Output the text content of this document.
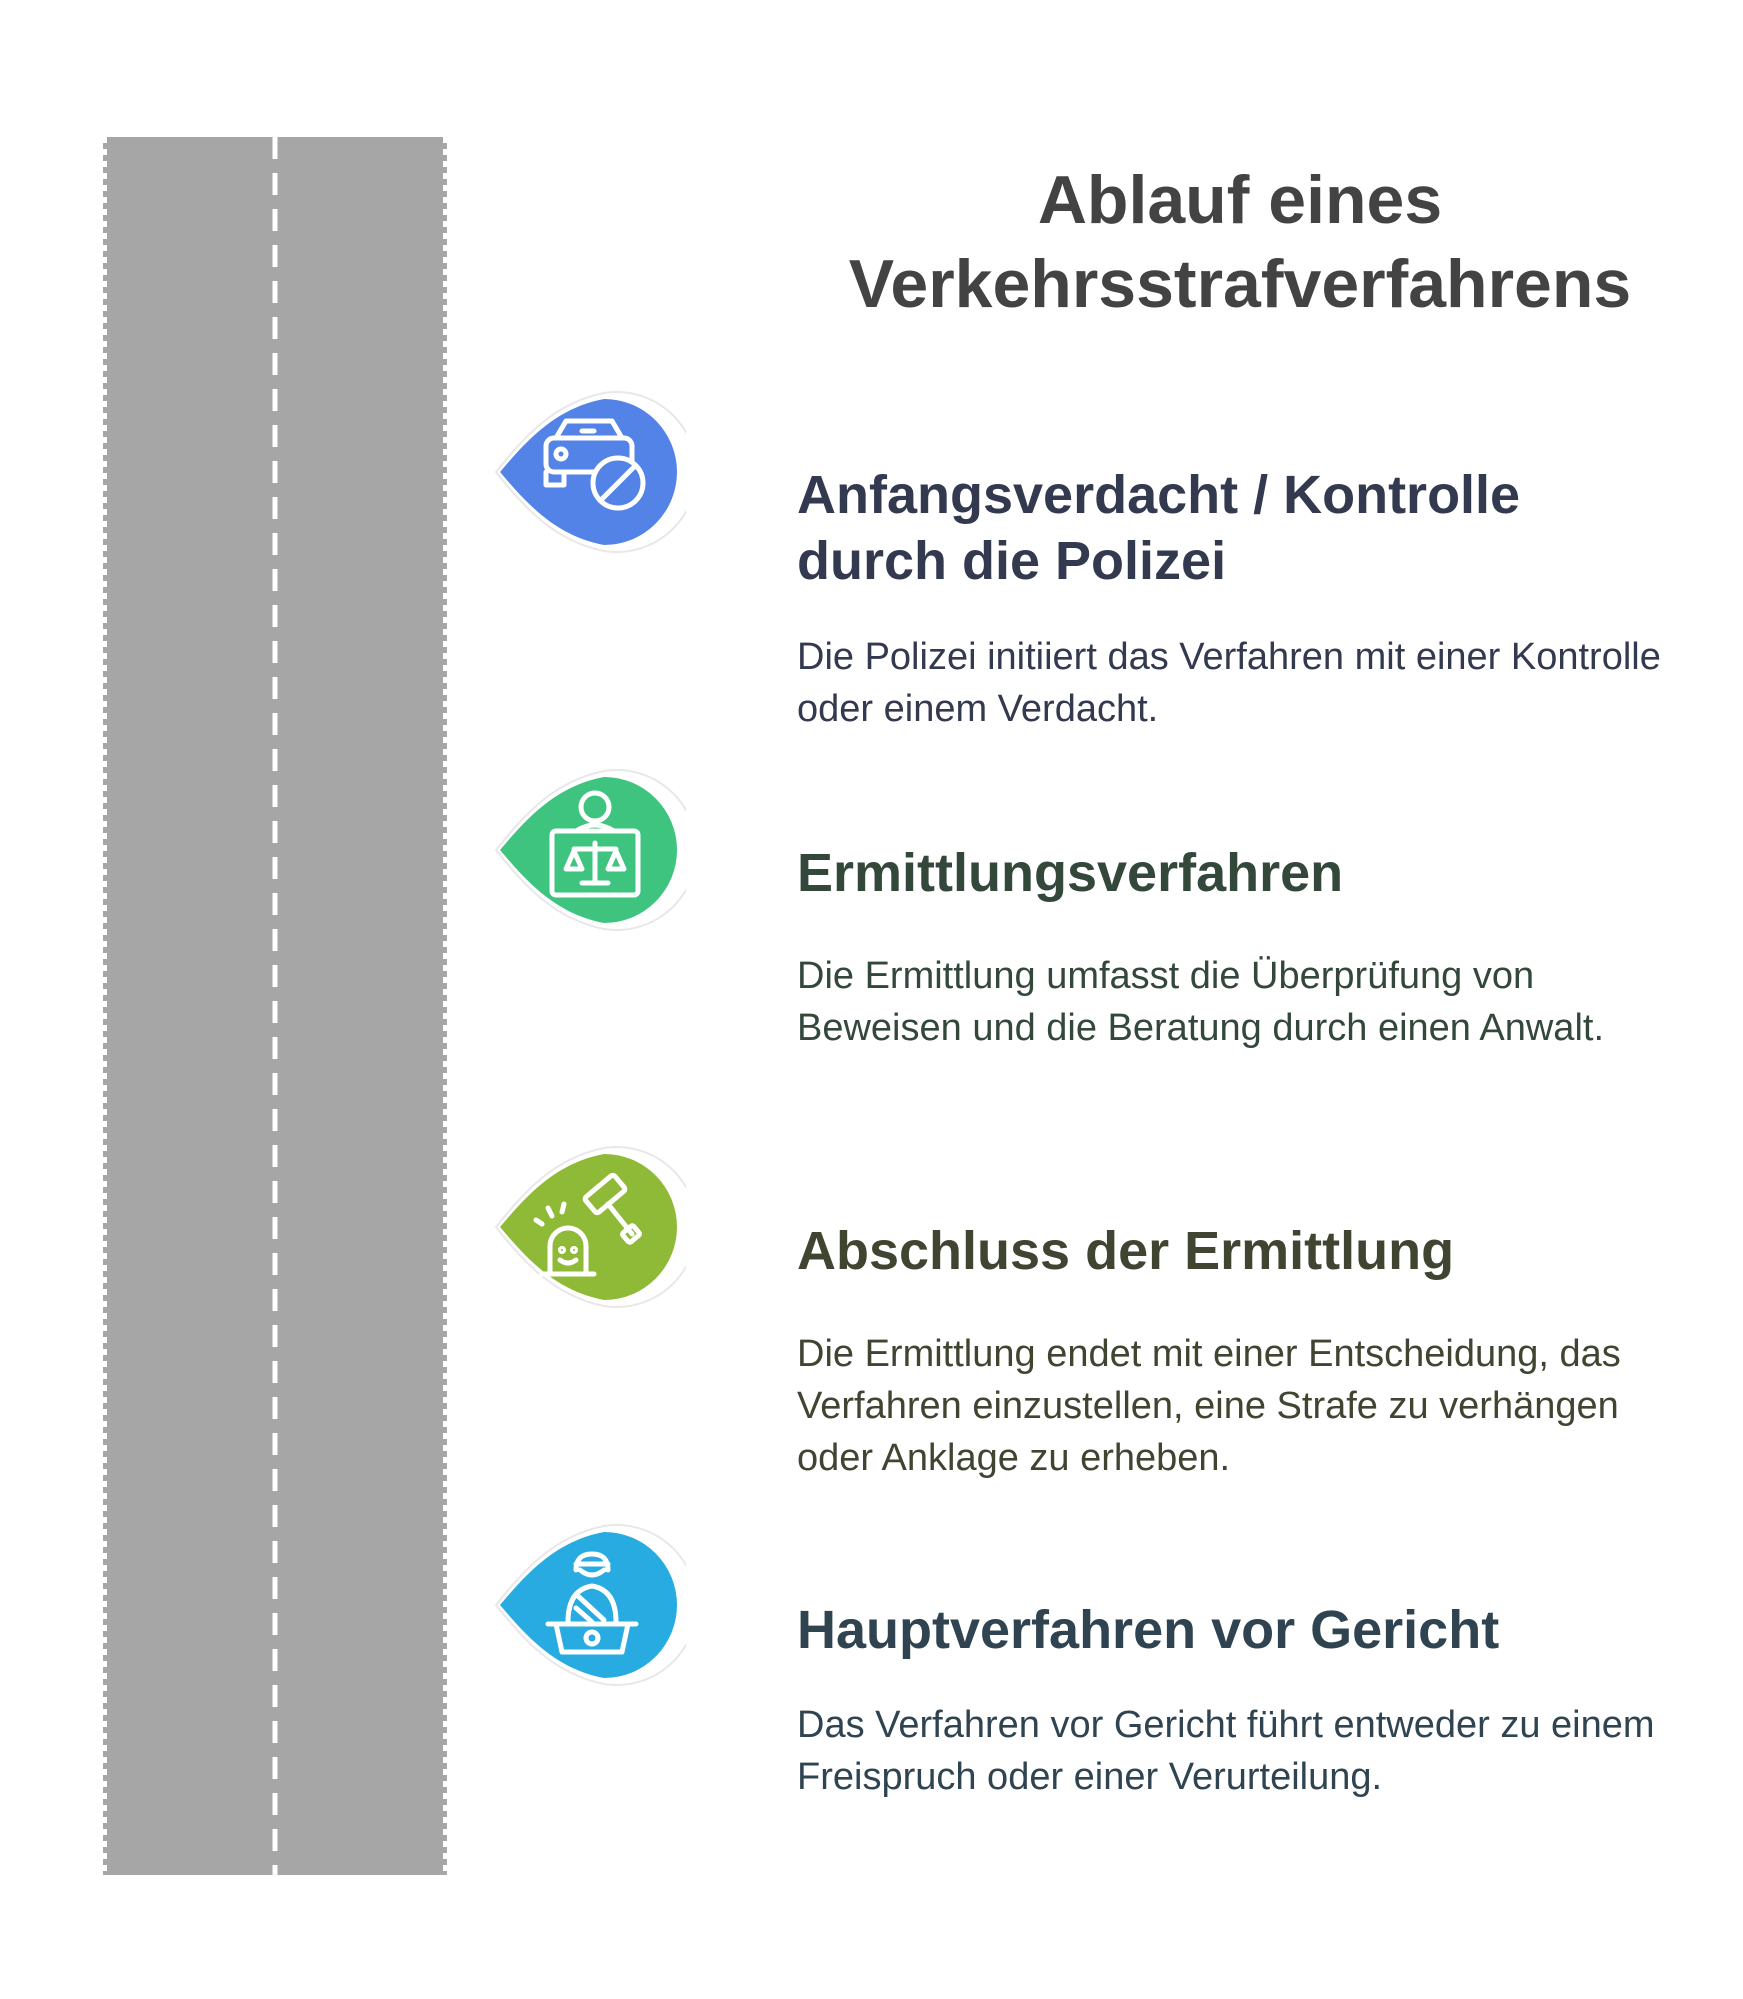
Ablauf eines
Verkehrsstrafverfahrens
Anfangsverdacht / Kontrolle
durch die Polizei

Die Polizei initiiert das Verfahren mit einer Kontrolle oder einem Verdacht.

Ermittlungsverfahren

Die Ermittlung umfasst die Überprüfung von Beweisen und die Beratung durch einen Anwalt.

Abschluss der Ermittlung

Die Ermittlung endet mit einer Entscheidung, das Verfahren einzustellen, eine Strafe zu verhängen oder Anklage zu erheben.

Hauptverfahren vor Gericht

Das Verfahren vor Gericht führt entweder zu einem Freispruch oder einer Verurteilung.
